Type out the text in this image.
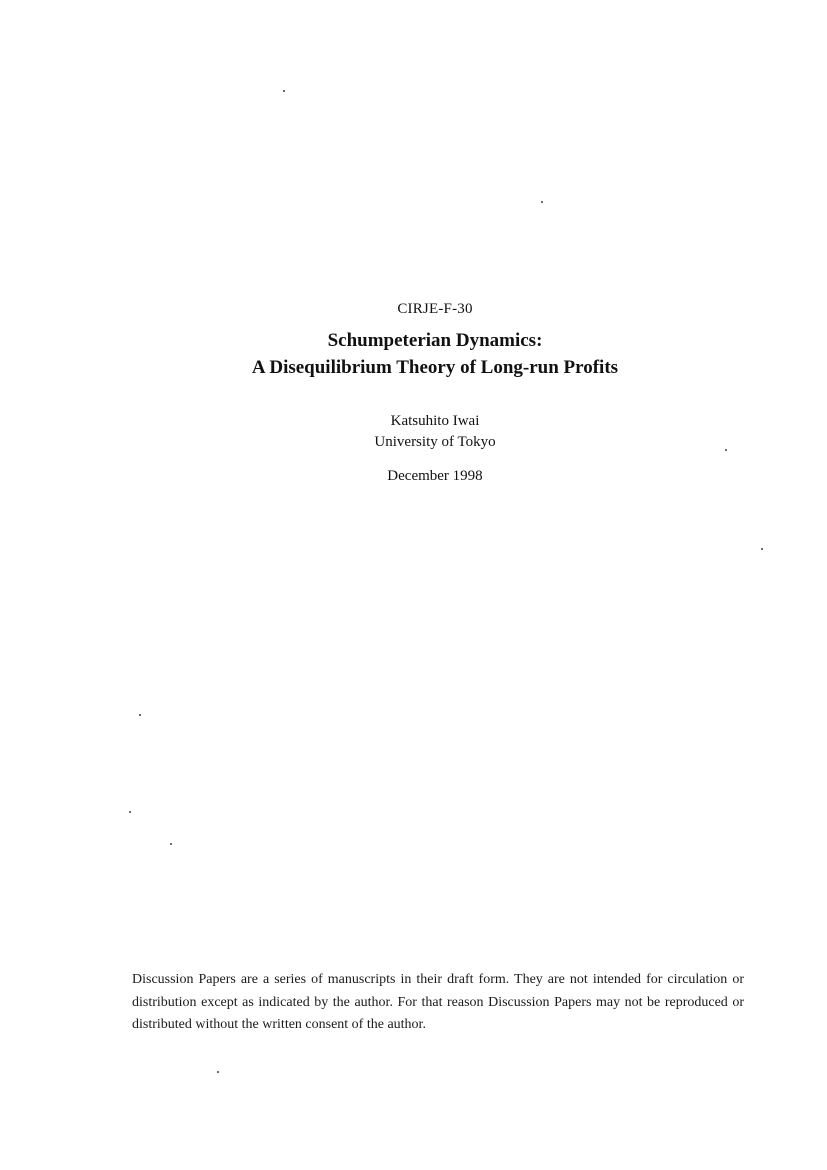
CIRJE-F-30
Schumpeterian Dynamics:
A Disequilibrium Theory of Long-run Profits
Katsuhito Iwai
University of Tokyo
December 1998

Discussion Papers are a series of manuscripts in their draft form. They are not intended for circulation or distribution except as indicated by the author. For that reason Discussion Papers may not be reproduced or distributed without the written consent of the author.
